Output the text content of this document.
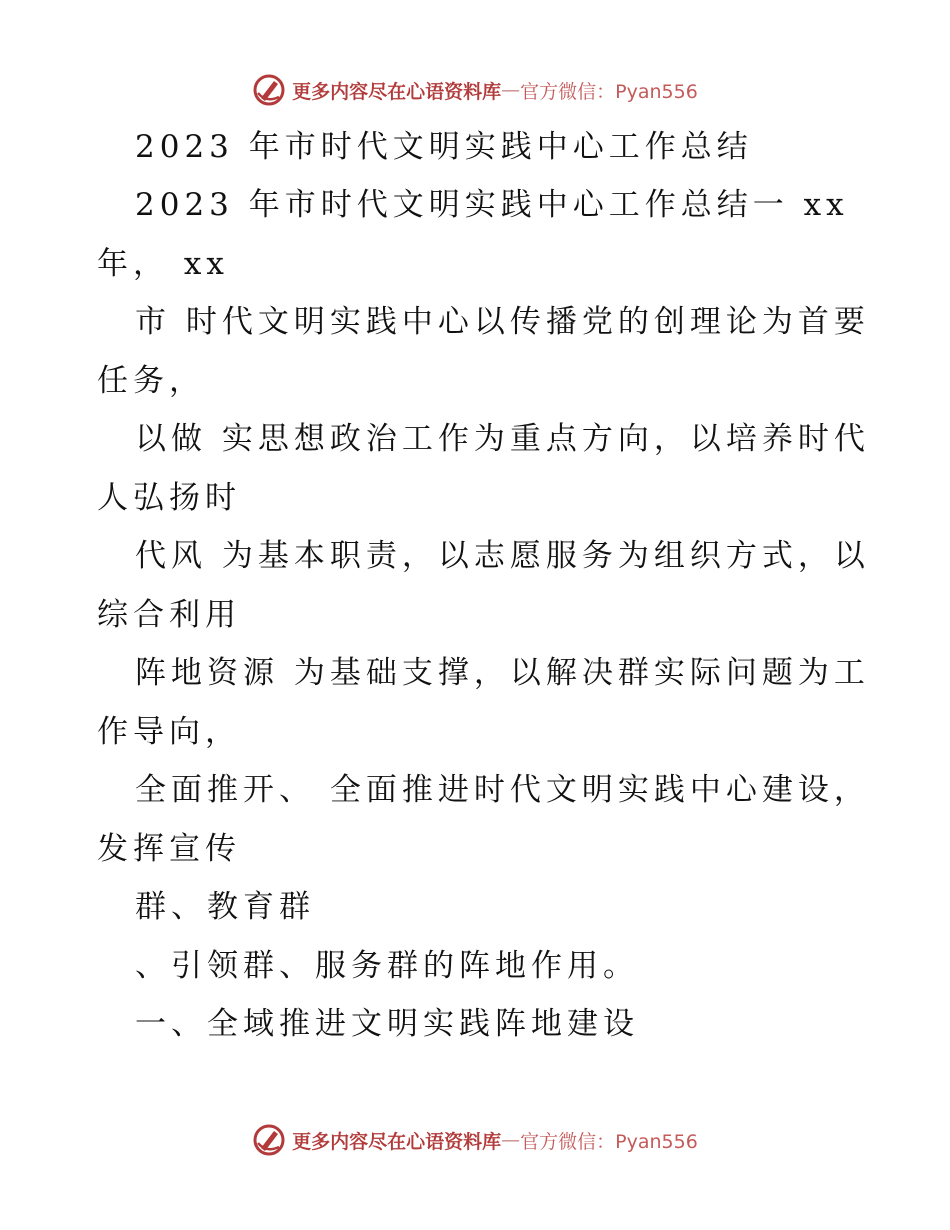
更多内容尽在心语资料库 — 官方微信：Pyan556
2023 年市时代文明实践中心工作总结
2023 年市时代文明实践中心工作总结一 xx
年， xx
市 时代文明实践中心以传播党的创理论为首要
任务，
以做 实思想政治工作为重点方向，以培养时代
人弘扬时
代风 为基本职责，以志愿服务为组织方式，以
综合利用
阵地资源 为基础支撑，以解决群实际问题为工
作导向，
全面推开、 全面推进时代文明实践中心建设，
发挥宣传
群、教育群
、引领群、服务群的阵地作用。
一、全域推进文明实践阵地建设
更多内容尽在心语资料库 — 官方微信：Pyan556
